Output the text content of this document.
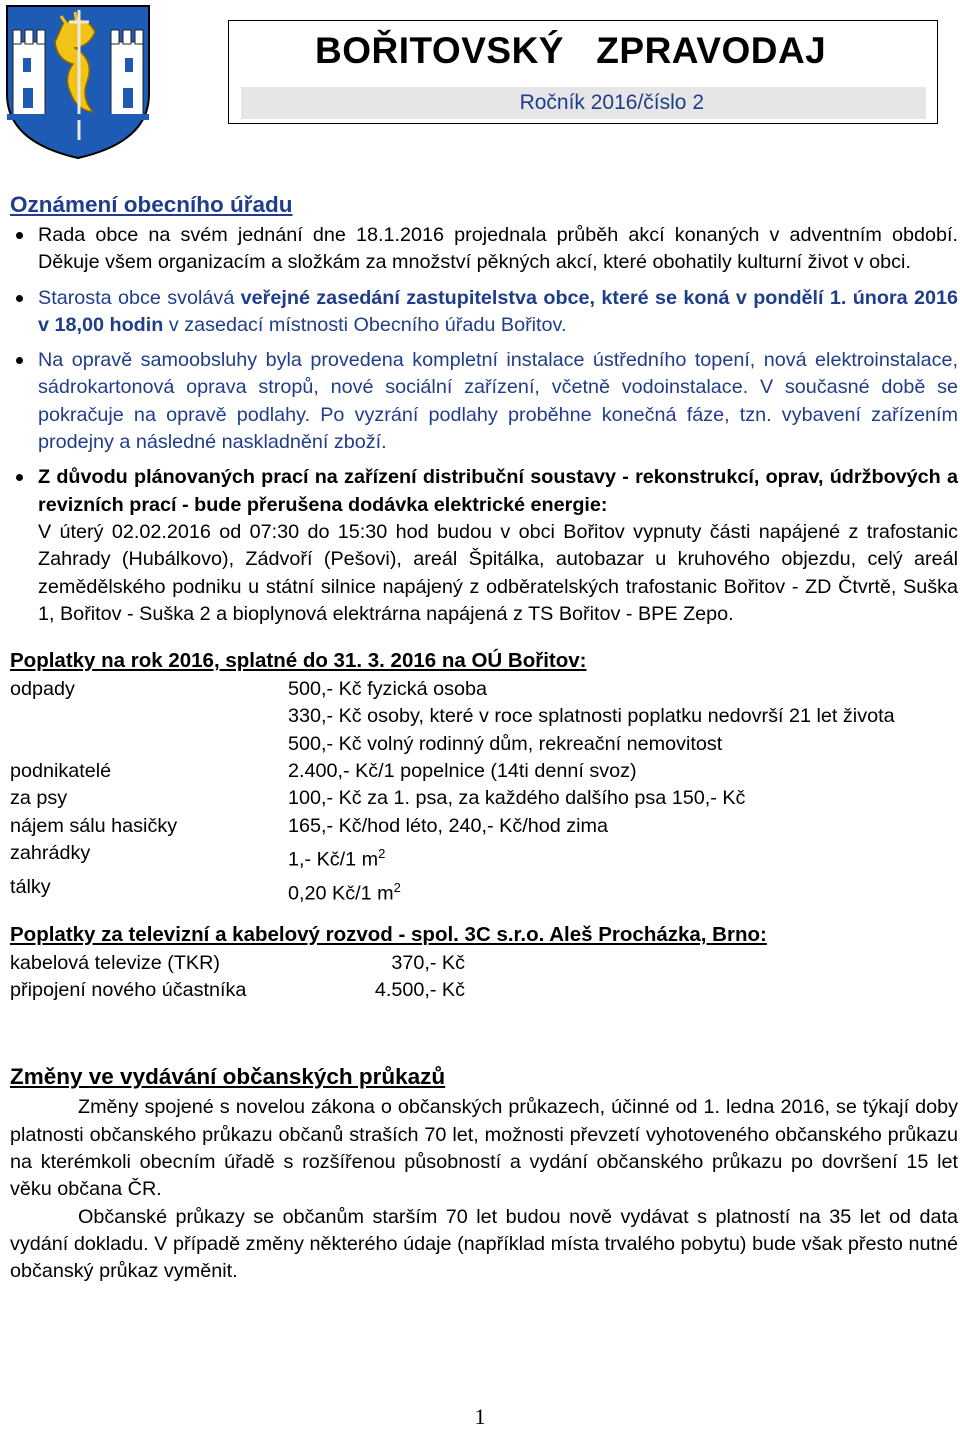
BOŘITOVSKÝ   ZPRAVODAJ
Ročník 2016/číslo 2
Oznámení obecního úřadu
Rada obce na svém jednání dne 18.1.2016 projednala průběh akcí konaných v adventním období. Děkuje všem organizacím a složkám za množství pěkných akcí, které obohatily kulturní život v obci.
Starosta obce svolává veřejné zasedání zastupitelstva obce, které se koná v pondělí 1. února 2016 v 18,00 hodin v zasedací místnosti Obecního úřadu Bořitov.
Na opravě samoobsluhy byla provedena kompletní instalace ústředního topení, nová elektroinstalace, sádrokartonová oprava stropů, nové sociální zařízení, včetně vodoinstalace. V současné době se pokračuje na opravě podlahy. Po vyzrání podlahy proběhne konečná fáze, tzn. vybavení zařízením prodejny a následné naskladnění zboží.
Z důvodu plánovaných prací na zařízení distribuční soustavy - rekonstrukcí, oprav, údržbových a revizních prací - bude přerušena dodávka elektrické energie:
V úterý 02.02.2016 od 07:30 do 15:30 hod budou v obci Bořitov vypnuty části napájené z trafostanic Zahrady (Hubálkovo), Zádvoří (Pešovi), areál Špitálka, autobazar u kruhového objezdu, celý areál zemědělského podniku u státní silnice napájený z odběratelských trafostanic Bořitov - ZD Čtvrtě, Suška 1, Bořitov - Suška 2 a bioplynová elektrárna napájená z TS Bořitov - BPE Zepo.
Poplatky na rok 2016, splatné do 31. 3. 2016 na OÚ Bořitov:
odpady	500,- Kč fyzická osoba
330,- Kč osoby, které v roce splatnosti poplatku nedovrší 21 let života
500,- Kč volný rodinný dům, rekreační nemovitost
podnikatelé	2.400,- Kč/1 popelnice (14ti denní svoz)
za psy	100,- Kč za 1. psa, za každého dalšího psa 150,- Kč
nájem sálu hasičky	165,- Kč/hod léto, 240,- Kč/hod zima
zahrádky	1,- Kč/1 $m^2$
tálky	0,20 Kč/1 $m^2$
Poplatky za televizní a kabelový rozvod - spol. 3C s.r.o. Aleš Procházka, Brno:
kabelová televize (TKR)	370,- Kč
připojení nového účastníka	4.500,- Kč
Změny ve vydávání občanských průkazů

Změny spojené s novelou zákona o občanských průkazech, účinné od 1. ledna 2016, se týkají doby platnosti občanského průkazu občanů straších 70 let, možnosti převzetí vyhotoveného občanského průkazu na kterémkoli obecním úřadě s rozšířenou působností a vydání občanského průkazu po dovršení 15 let věku občana ČR.

Občanské průkazy se občanům starším 70 let budou nově vydávat s platností na 35 let od data vydání dokladu. V případě změny některého údaje (například místa trvalého pobytu) bude však přesto nutné občanský průkaz vyměnit.

1
